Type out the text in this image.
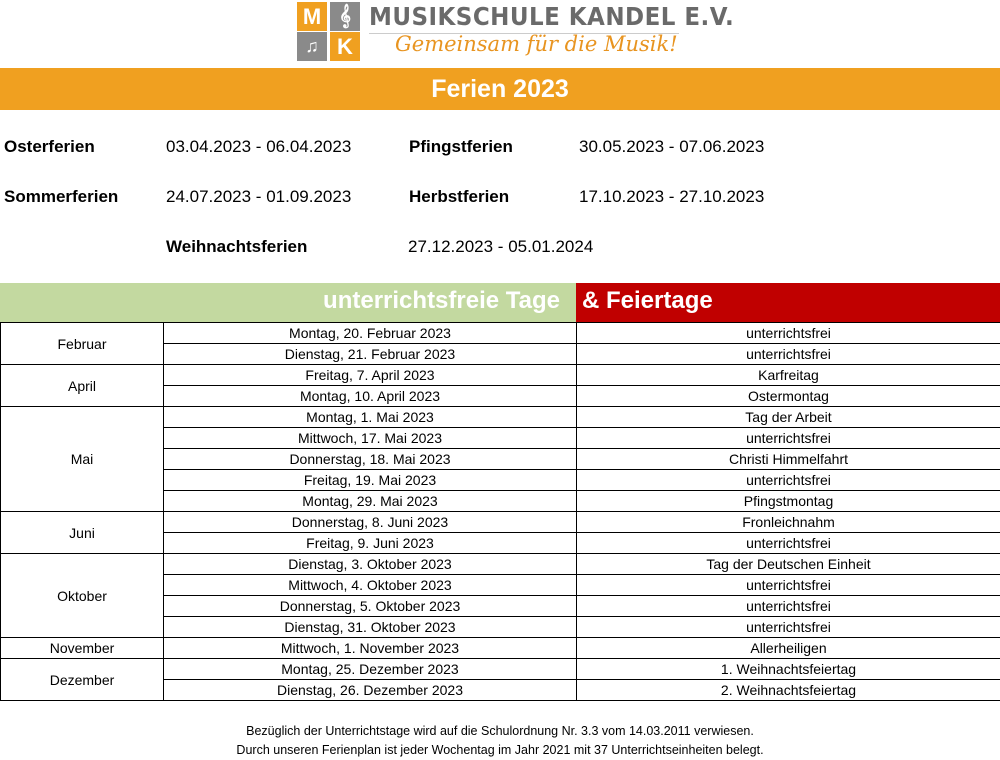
M 𝄞
♫ K
MUSIKSCHULE KANDEL E.V.
Gemeinsam für die Musik!
Ferien 2023
Osterferien	03.04.2023 - 06.04.2023	Pfingstferien	30.05.2023 - 07.06.2023
Sommerferien	24.07.2023 - 01.09.2023	Herbstferien	17.10.2023 - 27.10.2023
Weihnachtsferien	27.12.2023 - 05.01.2024
unterrichtsfreie Tage & Feiertage
Februar	Montag, 20. Februar 2023	unterrichtsfrei
	Dienstag, 21. Februar 2023	unterrichtsfrei
April	Freitag, 7. April 2023	Karfreitag
	Montag, 10. April 2023	Ostermontag
Mai	Montag, 1. Mai 2023	Tag der Arbeit
	Mittwoch, 17. Mai 2023	unterrichtsfrei
	Donnerstag, 18. Mai 2023	Christi Himmelfahrt
	Freitag, 19. Mai 2023	unterrichtsfrei
	Montag, 29. Mai 2023	Pfingstmontag
Juni	Donnerstag, 8. Juni 2023	Fronleichnahm
	Freitag, 9. Juni 2023	unterrichtsfrei
Oktober	Dienstag, 3. Oktober 2023	Tag der Deutschen Einheit
	Mittwoch, 4. Oktober 2023	unterrichtsfrei
	Donnerstag, 5. Oktober 2023	unterrichtsfrei
	Dienstag, 31. Oktober 2023	unterrichtsfrei
November	Mittwoch, 1. November 2023	Allerheiligen
Dezember	Montag, 25. Dezember 2023	1. Weihnachtsfeiertag
	Dienstag, 26. Dezember 2023	2. Weihnachtsfeiertag
Bezüglich der Unterrichtstage wird auf die Schulordnung Nr. 3.3 vom 14.03.2011 verwiesen.
Durch unseren Ferienplan ist jeder Wochentag im Jahr 2021 mit 37 Unterrichtseinheiten belegt.
